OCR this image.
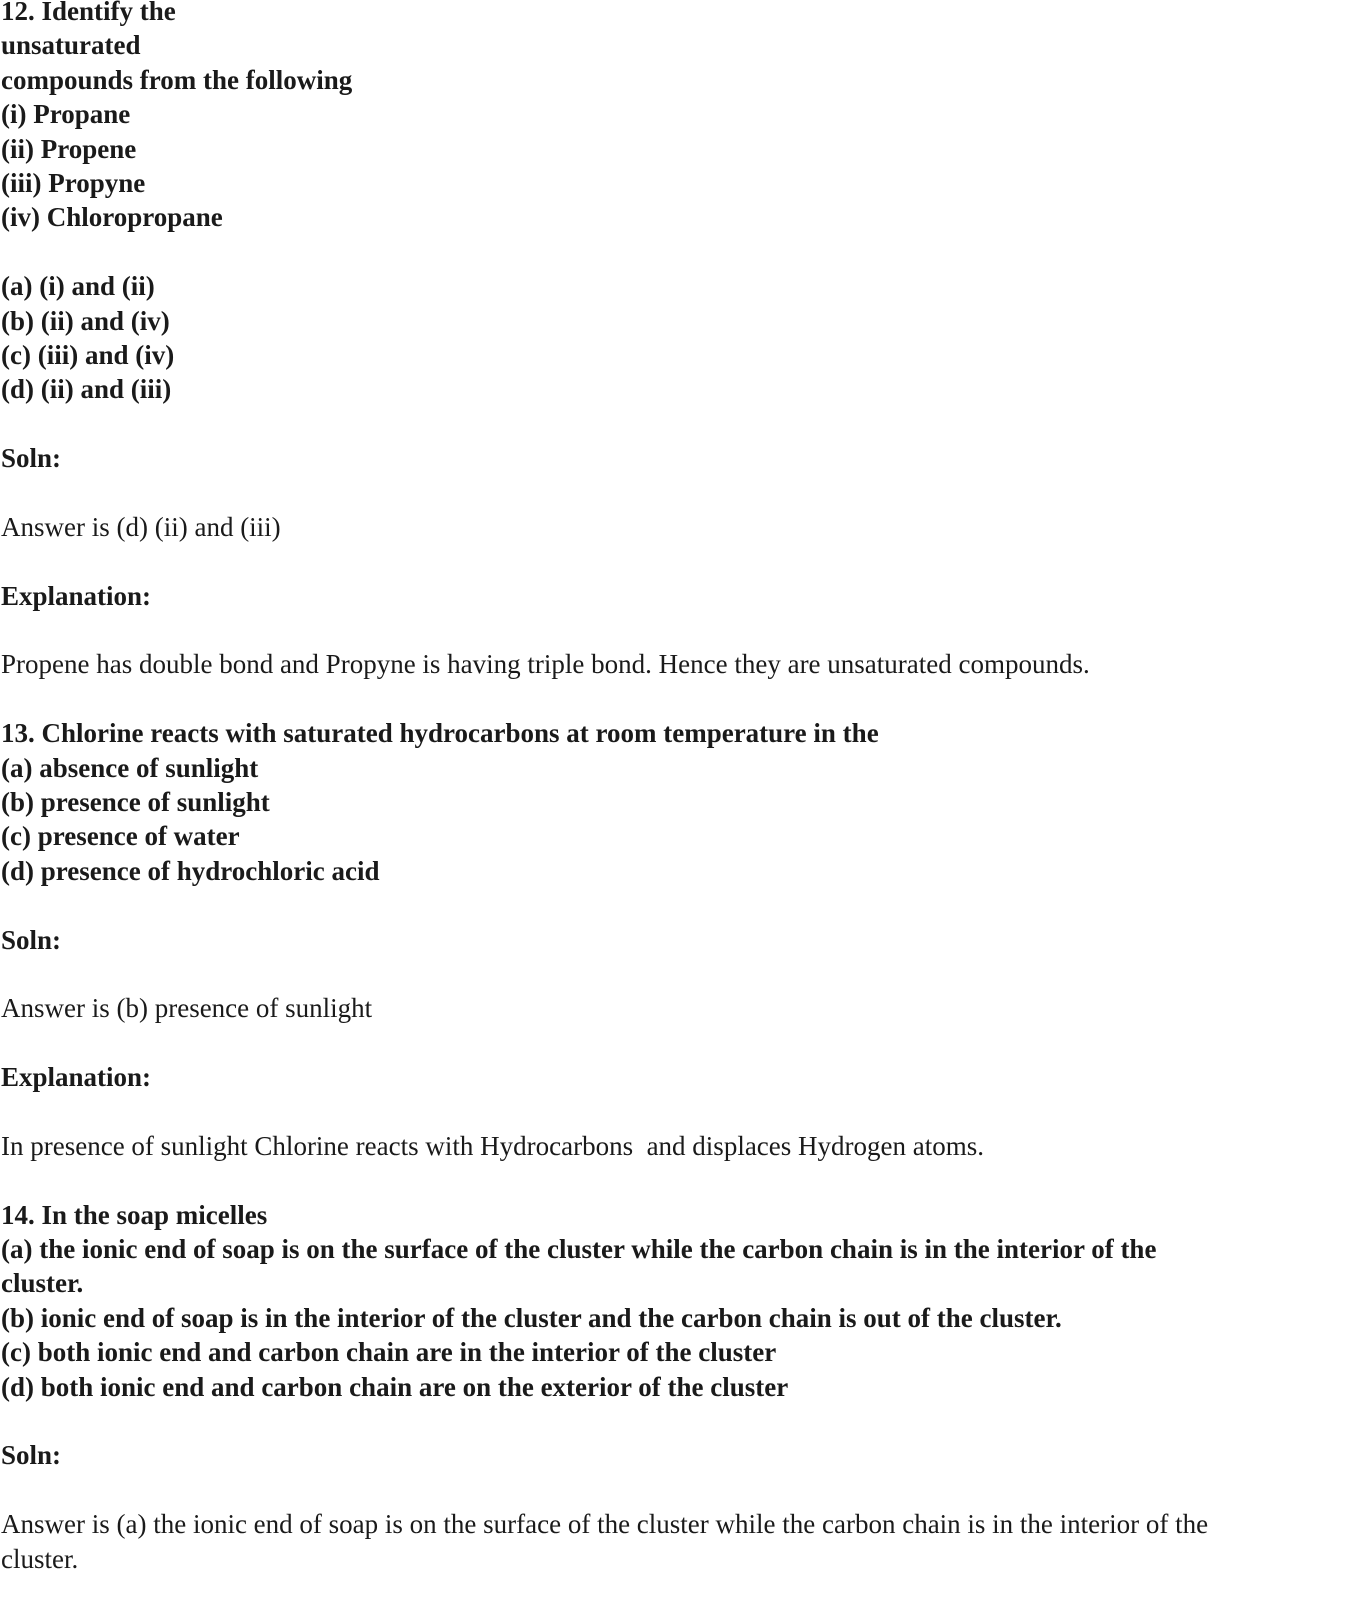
12. Identify the
unsaturated
compounds from the following
(i) Propane
(ii) Propene
(iii) Propyne
(iv) Chloropropane
(a) (i) and (ii)
(b) (ii) and (iv)
(c) (iii) and (iv)
(d) (ii) and (iii)
Soln:
Answer is (d) (ii) and (iii)
Explanation:
Propene has double bond and Propyne is having triple bond. Hence they are unsaturated compounds.
13. Chlorine reacts with saturated hydrocarbons at room temperature in the
(a) absence of sunlight
(b) presence of sunlight
(c) presence of water
(d) presence of hydrochloric acid
Soln:
Answer is (b) presence of sunlight
Explanation:
In presence of sunlight Chlorine reacts with Hydrocarbons  and displaces Hydrogen atoms.
14. In the soap micelles
(a) the ionic end of soap is on the surface of the cluster while the carbon chain is in the interior of the
cluster.
(b) ionic end of soap is in the interior of the cluster and the carbon chain is out of the cluster.
(c) both ionic end and carbon chain are in the interior of the cluster
(d) both ionic end and carbon chain are on the exterior of the cluster
Soln:
Answer is (a) the ionic end of soap is on the surface of the cluster while the carbon chain is in the interior of the
cluster.
